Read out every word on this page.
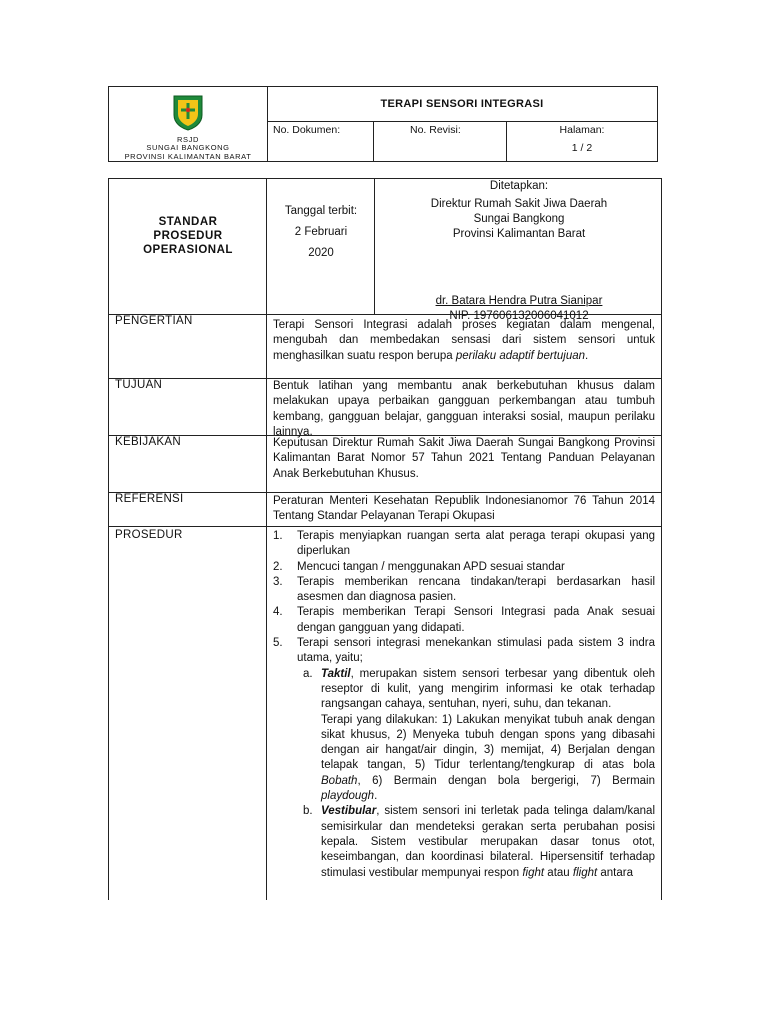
RSJD
SUNGAI BANGKONG
PROVINSI KALIMANTAN BARAT
TERAPI SENSORI INTEGRASI
No. Dokumen:	No. Revisi:	Halaman:
1 / 2
STANDAR
PROSEDUR
OPERASIONAL
Tanggal terbit:
2 Februari
2020
Ditetapkan:
Direktur Rumah Sakit Jiwa Daerah
Sungai Bangkong
Provinsi Kalimantan Barat
dr. Batara Hendra Putra Sianipar
NIP. 197606132006041012
PENGERTIAN	Terapi Sensori Integrasi adalah proses kegiatan dalam mengenal, mengubah dan membedakan sensasi dari sistem sensori untuk menghasilkan suatu respon berupa perilaku adaptif bertujuan.

TUJUAN	Bentuk latihan yang membantu anak berkebutuhan khusus dalam melakukan upaya perbaikan gangguan perkembangan atau tumbuh kembang, gangguan belajar, gangguan interaksi sosial, maupun perilaku lainnya.

KEBIJAKAN	Keputusan Direktur Rumah Sakit Jiwa Daerah Sungai Bangkong Provinsi Kalimantan Barat Nomor 57 Tahun 2021 Tentang Panduan Pelayanan Anak Berkebutuhan Khusus.

REFERENSI	Peraturan Menteri Kesehatan Republik Indonesianomor 76 Tahun 2014 Tentang Standar Pelayanan Terapi Okupasi

PROSEDUR	1. Terapis menyiapkan ruangan serta alat peraga terapi okupasi yang diperlukan
2. Mencuci tangan / menggunakan APD sesuai standar
3. Terapis memberikan rencana tindakan/terapi berdasarkan hasil asesmen dan diagnosa pasien.
4. Terapis memberikan Terapi Sensori Integrasi pada Anak sesuai dengan gangguan yang didapati.
5. Terapi sensori integrasi menekankan stimulasi pada sistem 3 indra utama, yaitu;
a. Taktil, merupakan sistem sensori terbesar yang dibentuk oleh reseptor di kulit, yang mengirim informasi ke otak terhadap rangsangan cahaya, sentuhan, nyeri, suhu, dan tekanan.
Terapi yang dilakukan: 1) Lakukan menyikat tubuh anak dengan sikat khusus, 2) Menyeka tubuh dengan spons yang dibasahi dengan air hangat/air dingin, 3) memijat, 4) Berjalan dengan telapak tangan, 5) Tidur terlentang/tengkurap di atas bola Bobath, 6) Bermain dengan bola bergerigi, 7) Bermain playdough.
b. Vestibular, sistem sensori ini terletak pada telinga dalam/kanal semisirkular dan mendeteksi gerakan serta perubahan posisi kepala. Sistem vestibular merupakan dasar tonus otot, keseimbangan, dan koordinasi bilateral. Hipersensitif terhadap stimulasi vestibular mempunyai respon fight atau flight antara
